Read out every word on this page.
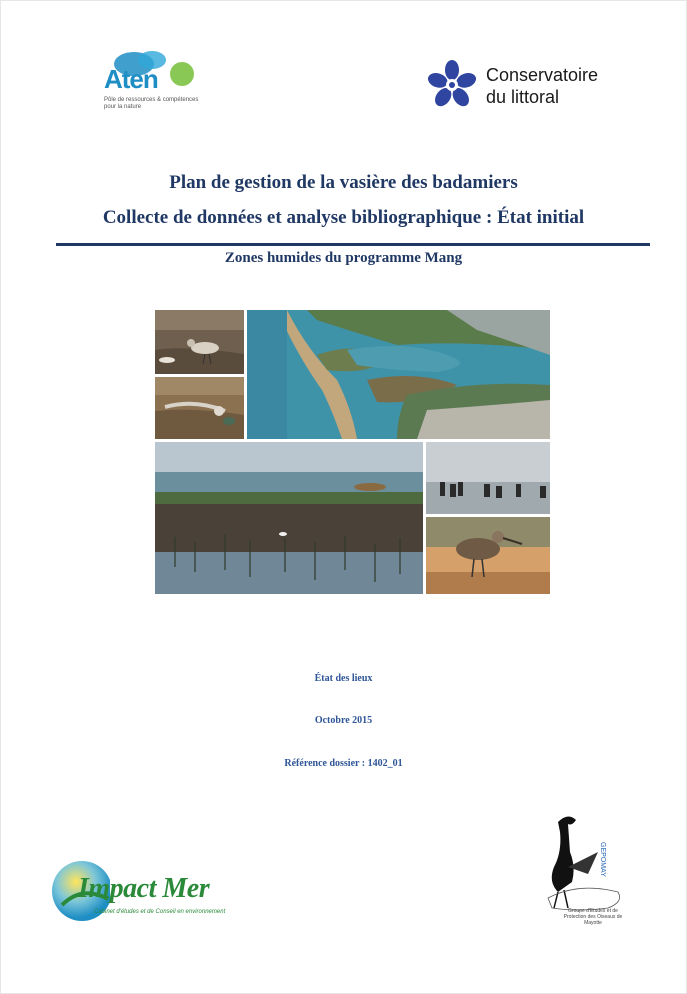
Aten
Pôle de ressources & compétences pour la nature
Conservatoire
du littoral
Plan de gestion de la vasière des badamiers
Collecte de données et analyse bibliographique : État initial
Zones humides du programme Mang
État des lieux
Octobre 2015
Référence dossier : 1402_01
Impact Mer
Cabinet d'études et de Conseil en environnement
GEPOMAY
Groupe d'Etudes et de Protection des Oiseaux de Mayotte
